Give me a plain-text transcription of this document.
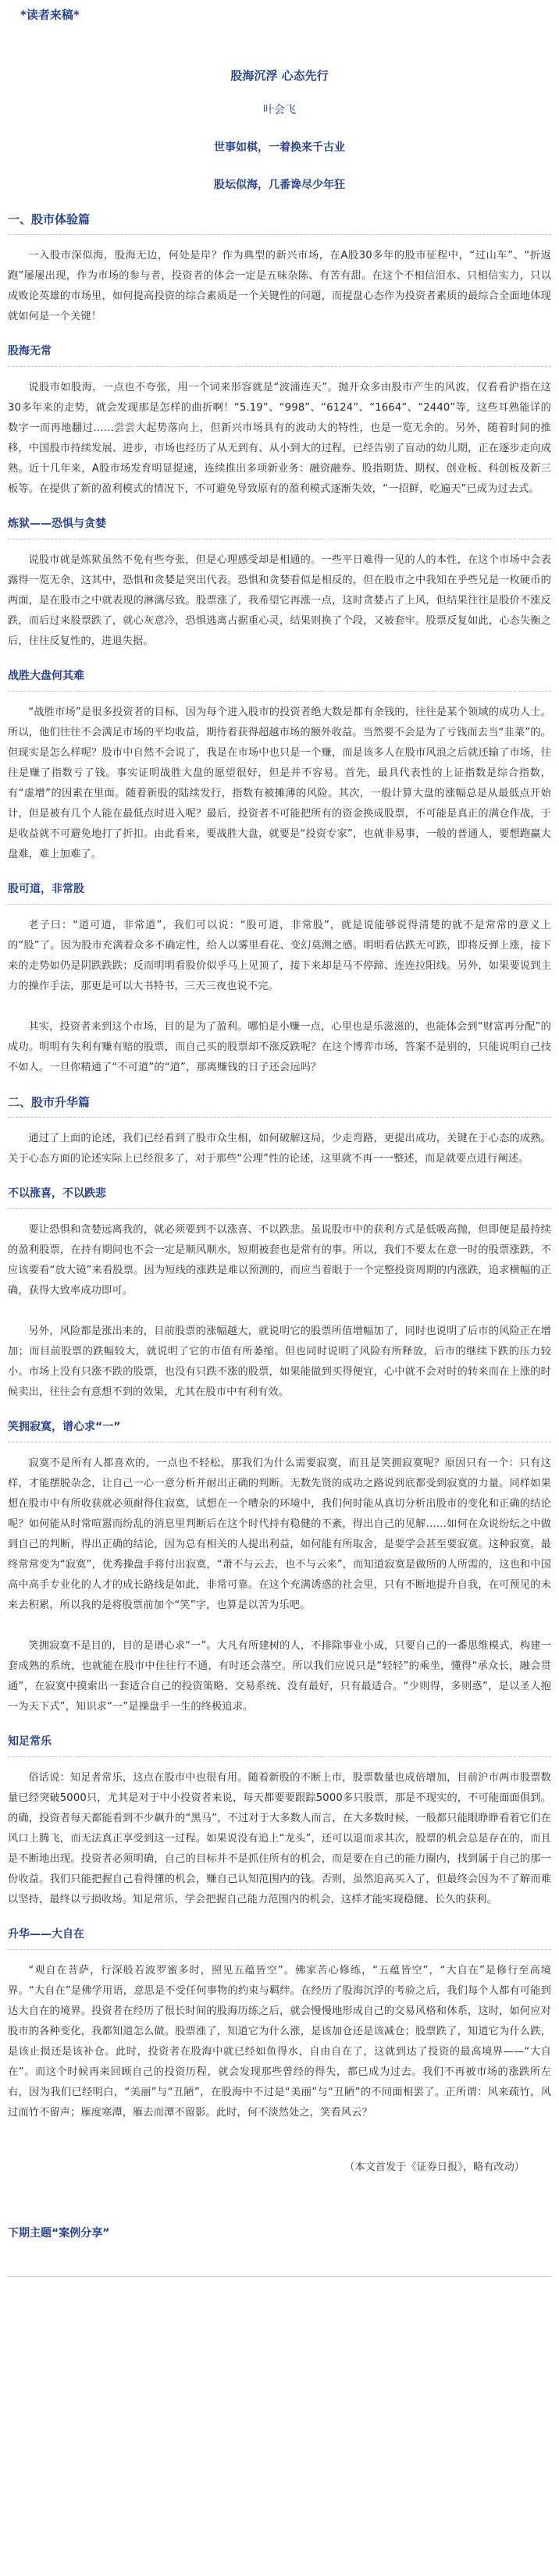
*读者来稿*
股海沉浮 心态先行
叶会飞
世事如棋，一着换来千古业
股坛似海，几番谗尽少年狂
一、股市体验篇

一入股市深似海，股海无边，何处是岸？作为典型的新兴市场，在A股30多年的股市征程中，“过山车”、“折返跑”屡屡出现，作为市场的参与者，投资者的体会一定是五味杂陈、有苦有甜。在这个不相信泪水、只相信实力，只以成败论英雄的市场里，如何提高投资的综合素质是一个关键性的问题，而提盘心态作为投资者素质的最综合全面地体现就如何是一个关键！

股海无常

说股市如股海，一点也不夸张，用一个词来形容就是“波涌连天”。抛开众多由股市产生的风波，仅看看沪指在这30多年来的走势，就会发现那是怎样的曲折啊！“5.19”、“998”、“6124”、“1664”、“2440”等，这些耳熟能详的数字一而再地翻过……尝尝大起势落向上，但新兴市场具有的波动大的特性，也是一览无余的。另外，随着时间的推移，中国股市持续发展、进步，市场也经历了从无到有、从小到大的过程，已经告别了盲动的幼儿期，正在逐步走向成熟。近十几年来，A股市场发育明显提速，连续推出多项新业务：融资融券、股指期货、期权、创业板、科创板及新三板等。在提供了新的盈利模式的情况下，不可避免导致原有的盈利模式逐渐失效，“一招鲜，吃遍天”已成为过去式。

炼狱——恐惧与贪婪

说股市就是炼狱虽然不免有些夸张，但是心理感受却是相通的。一些平日难得一见的人的本性，在这个市场中会表露得一览无余，这其中，恐惧和贪婪是突出代表。恐惧和贪婪看似是相反的，但在股市之中我知在乎些兄是一枚硬币的两面，是在股市之中就表现的淋漓尽致。股票涨了，我希望它再涨一点，这时贪婪占了上风，但结果往往是股价不涨反跌，而后过来股票跌了，就心灰意冷，恐惧逃离占据重心灵，结果则换了个段，又被套牢。股票反复如此，心态失衡之后，往往反复性的，进退失据。

战胜大盘何其难

“战胜市场”是很多投资者的目标，因为每个进入股市的投资者绝大数是都有余钱的，往往是某个领域的成功人士。所以，他们往往不会满足市场的平均收益，期待着获得超越市场的额外收益。当然要不会是为了亏钱而去当“韭菜”的。但现实是怎么样呢？股市中自然不会说了，我是在市场中也只是一个赚，而是该多人在股市风浪之后就还输了市场，往往是赚了指数亏了钱。事实证明战胜大盘的愿望很好，但是并不容易。首先，最具代表性的上证指数是综合指数，有“虚增”的因素在里面。随着新股的陆续发行，指数有被摊薄的风险。其次，一般计算大盘的涨幅总是从最低点开始计，但是被有几个人能在最低点时进入呢？最后，投资者不可能把所有的资金换成股票，不可能是真正的满仓作战，于是收益就不可避免地打了折扣。由此看来，要战胜大盘，就要是“投资专家”，也就非易事，一般的普通人，要想跑赢大盘难，难上加难了。

股可道，非常股

老子曰：“道可道，非常道”，我们可以说：“股可道，非常股”，就是说能够说得清楚的就不是常常的意义上的“股”了。因为股市充满着众多不确定性，给人以雾里看花、变幻莫测之感。明明看估跌无可跌，即将反弹上涨，接下来的走势如仍是阴跌跌跌；反而明明看股价似乎马上见顶了，接下来却是马不停蹄、连连拉阳线。另外，如果要说到主力的操作手法，那更是可以大书特书，三天三夜也说不完。

其实，投资者来到这个市场，目的是为了盈利。哪怕是小赚一点，心里也是乐滋滋的，也能体会到“财富再分配”的成功。明明有失利有赚有赔的股票，而自己买的股票却不涨反跌呢？在这个博弈市场，答案不是别的，只能说明自己技不如人。一旦你精通了“不可道”的“道”，那离赚钱的日子还会远吗？

二、股市升华篇

通过了上面的论述，我们已经看到了股市众生相，如何破解这局，少走弯路，更提出成功，关键在于心态的成熟。关于心态方面的论述实际上已经很多了，对于那些“公理”性的论述，这里就不再一一整述，而是就要点进行阐述。

不以涨喜，不以跌悲

要让恐惧和贪婪远离我的，就必须要到不以涨喜、不以跌悲。虽说股市中的获利方式是低吸高抛，但即便是最持续的盈利股票，在持有期间也不会一定是顺风顺水，短期被套也是常有的事。所以，我们不要太在意一时的股票涨跌，不应该要看“放大镜”来看股票。因为短线的涨跌是难以预测的，而应当着眼于一个完整投资周期的内涨跌，追求横幅的正确，获得大致率成功即可。

另外，风险都是涨出来的，目前股票的涨幅越大，就说明它的股票所值增幅加了，同时也说明了后市的风险正在增加；而目前股票的跌幅较大，就说明了它的市值有所萎缩。但也同时说明了风险有所释放，后市的继续下跌的压力较小。市场上没有只涨不跌的股票，也没有只跌不涨的股票，如果能做到买得便宜，心中就不会对时的转来而在上涨的时候卖出，往往会有意想不到的效果，尤其在股市中有利有效。

笑拥寂寞，谱心求“一”

寂寞不是所有人都喜欢的，一点也不轻松，那我们为什么需要寂寞，而且是笑拥寂寞呢？原因只有一个：只有这样，才能摆脱杂念，让自己一心一意分析并耐出正确的判断。无数先贤的成功之路说到底都受到寂寞的力量。同样如果想在股市中有所收获就必须耐得住寂寞，试想在一个嘈杂的环境中，我们何时能从真切分析出股市的变化和正确的结论呢？如何能从时常喧嚣而纷乱的消息里判断后在这个时代持有稳健的不紊，得出自己的见解……如何在众说纷纭之中做到自己的判断，得出正确的结论，因为总有相关的人提出利益，如何能有所取舍，是要学会甚至要寂寞。这种寂寞，最终常常变为“寂寞”，优秀操盘手将付出寂寞，“萧不与云去，也不与云来”，而知道寂寞是做所的人所需的，这也和中国高中高手专业化的人才的成长路线是如此，非常可靠。在这个充满诱惑的社会里，只有不断地提升自我，在可预见的未来去积累，所以我的是将股票前加个“笑”字，也算是以苦为乐吧。

笑拥寂寞不是目的，目的是谱心求“一”。大凡有所建树的人，不排除事业小成，只要自己的一番思维模式，构建一套成熟的系统，也就能在股市中住往行不通，有时还会落空。所以我们应说只是“轻轻”的乘坐，懂得“承众长，融会贯通”，在寂寞中摸索出一套适合自己的投资策略、交易系统、没有最好，只有最适合。“少则得，多则惑”，是以圣人抱一为天下式”，知识求“一”是操盘手一生的终极追求。

知足常乐

俗话说：知足者常乐，这点在股市中也很有用。随着新股的不断上市，股票数量也成倍增加，目前沪市两市股票数量已经突破5000只，尤其是对于中小投资者来说，每天都要要跟踪5000多只股票，那是不现实的，不可能面面俱到。的确，投资者每天都能看到不少飙升的“黑马”，不过对于大多数人而言，在大多数时候，一般都只能眼睁睁看着它们在风口上腾飞，而无法真正享受到这一过程。如果说没有追上“龙头”，还可以退而求其次，股票的机会总是存在的，而且是不断地出现。投资者必须明确，自己的目标并不是抓住所有的机会，而是要在自己的能力圈内，找到属于自己的那一份收益。我们只能把握自己看得懂的机会，赚自己认知范围内的钱。否则，虽然追高买入了，但最终会因为不了解而难以坚持，最终以亏损收场。知足常乐，学会把握自己能力范围内的机会，这样才能实现稳健、长久的获利。

升华——大自在

“观自在菩萨，行深般若波罗蜜多时，照见五蕴皆空”。佛家苦心修练，“五蕴皆空”，“大自在”是修行至高境界。“大自在”是佛学用语，意思是不受任何事物的约束与羁绊。在经历了股海沉浮的考验之后，我们每个人都有可能到达大自在的境界。投资者在经历了很长时间的股海历练之后，就会慢慢地形成自己的交易风格和体系，这时，如何应对股市的各种变化，我都知道怎么做。股票涨了，知道它为什么涨，是该加仓还是该减仓；股票跌了，知道它为什么跌，是该止损还是该补仓。此时，投资者在股海中就已经如鱼得水，自由自在了，这就到达了投资的最高境界——“大自在”。而这个时候再来回顾自己的投资历程，就会发现那些曾经的得失，都已成为过去。我们不再被市场的涨跌所左右，因为我们已经明白，“美丽”与“丑陋”，在股海中不过是“美丽”与“丑陋”的不同面相罢了。正所谓：风来疏竹，风过而竹不留声；雁度寒潭，雁去而潭不留影。此时，何不淡然处之，笑看风云？

（本文首发于《证券日报》，略有改动）
下期主题“案例分享”
